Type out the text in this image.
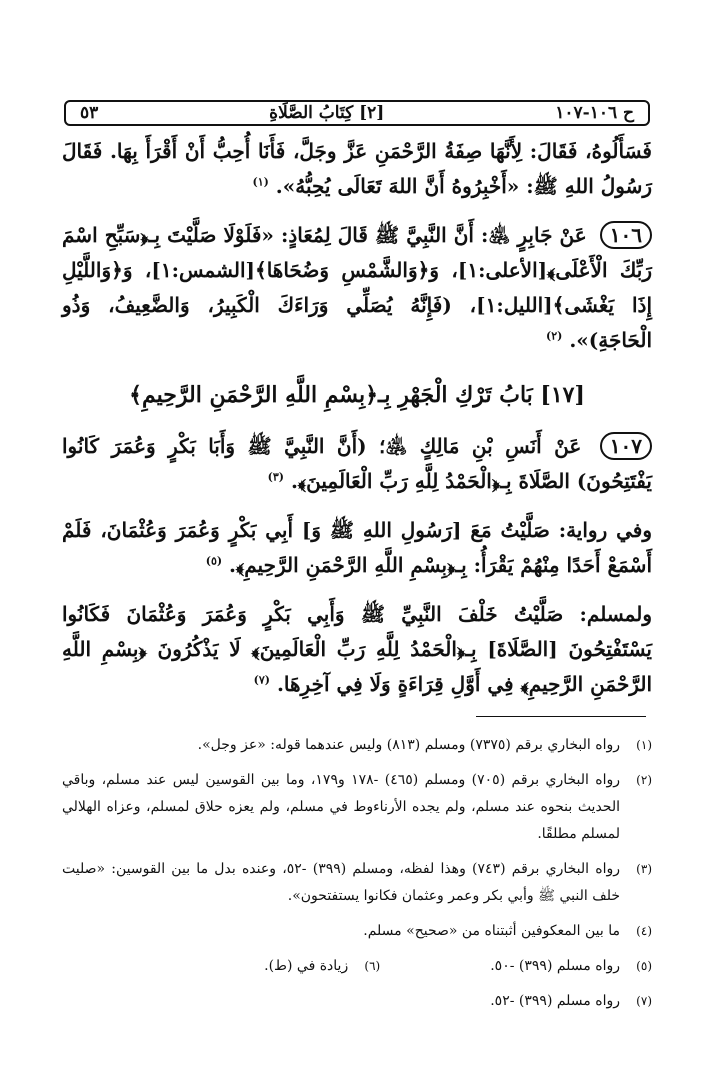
ح ١٠٦-١٠٧
[٢] كِتَابُ الصَّلَاةِ
٥٣

فَسَأَلُوهُ، فَقَالَ: لِأَنَّهَا صِفَةُ الرَّحْمَنِ عَزَّ وجَلَّ، فَأَنَا أُحِبُّ أَنْ أَقْرَأَ بِهَا. فَقَالَ رَسُولُ اللهِ ﷺ: «أَخْبِرُوهُ أَنَّ اللهَ تَعَالَى يُحِبُّهُ». $^{(١)}$

١٠٦ عَنْ جَابِرٍ ﵁: أَنَّ النَّبِيَّ ﷺ قَالَ لِمُعَاذٍ: «فَلَوْلَا صَلَّيْتَ بِـ﴿سَبِّحِ اسْمَ رَبِّكَ الْأَعْلَى﴾[الأعلى:١]، وَ﴿وَالشَّمْسِ وَضُحَاهَا﴾[الشمس:١]، وَ﴿وَاللَّيْلِ إِذَا يَغْشَى﴾[الليل:١]، (فَإِنَّهُ يُصَلِّي وَرَاءَكَ الْكَبِيرُ، وَالضَّعِيفُ، وَذُو الْحَاجَةِ)». $^{(٢)}$

[١٧] بَابُ تَرْكِ الْجَهْرِ بِـ﴿بِسْمِ اللَّهِ الرَّحْمَنِ الرَّحِيمِ﴾

١٠٧ عَنْ أَنَسِ بْنِ مَالِكٍ ﵁؛ (أَنَّ النَّبِيَّ ﷺ وَأَبَا بَكْرٍ وَعُمَرَ كَانُوا يَفْتَتِحُونَ) الصَّلَاةَ بِـ﴿الْحَمْدُ لِلَّهِ رَبِّ الْعَالَمِينَ﴾. $^{(٣)}$

وفي رواية: صَلَّيْتُ مَعَ [رَسُولِ اللهِ ﷺ وَ] أَبِي بَكْرٍ وَعُمَرَ وَعُثْمَانَ، فَلَمْ أَسْمَعْ أَحَدًا مِنْهُمْ يَقْرَأُ: بِـ﴿بِسْمِ اللَّهِ الرَّحْمَنِ الرَّحِيمِ﴾. $^{(٥)}$

ولمسلم: صَلَّيْتُ خَلْفَ النَّبِيِّ ﷺ وَأَبِي بَكْرٍ وَعُمَرَ وَعُثْمَانَ فَكَانُوا يَسْتَفْتِحُونَ [الصَّلَاةَ] بِـ﴿الْحَمْدُ لِلَّهِ رَبِّ الْعَالَمِينَ﴾ لَا يَذْكُرُونَ ﴿بِسْمِ اللَّهِ الرَّحْمَنِ الرَّحِيمِ﴾ فِي أَوَّلِ قِرَاءَةٍ وَلَا فِي آخِرِهَا. $^{(٧)}$

(١)
رواه البخاري برقم (٧٣٧٥) ومسلم (٨١٣) وليس عندهما قوله: «عز وجل».
(٢)
رواه البخاري برقم (٧٠٥) ومسلم (٤٦٥) -١٧٨ و١٧٩، وما بين القوسين ليس عند مسلم، وباقي الحديث بنحوه عند مسلم، ولم يجده الأرناءوط في مسلم، ولم يعزه حلاق لمسلم، وعزاه الهلالي لمسلم مطلقًا.
(٣)
رواه البخاري برقم (٧٤٣) وهذا لفظه، ومسلم (٣٩٩) -٥٢، وعنده بدل ما بين القوسين: «صليت خلف النبي ﷺ وأبي بكر وعمر وعثمان فكانوا يستفتحون».
(٤)
ما بين المعكوفين أثبتناه من «صحيح» مسلم.
(٥)
رواه مسلم (٣٩٩) -٥٠.
(٦)
زيادة في (ط).
(٧)
رواه مسلم (٣٩٩) -٥٢.
